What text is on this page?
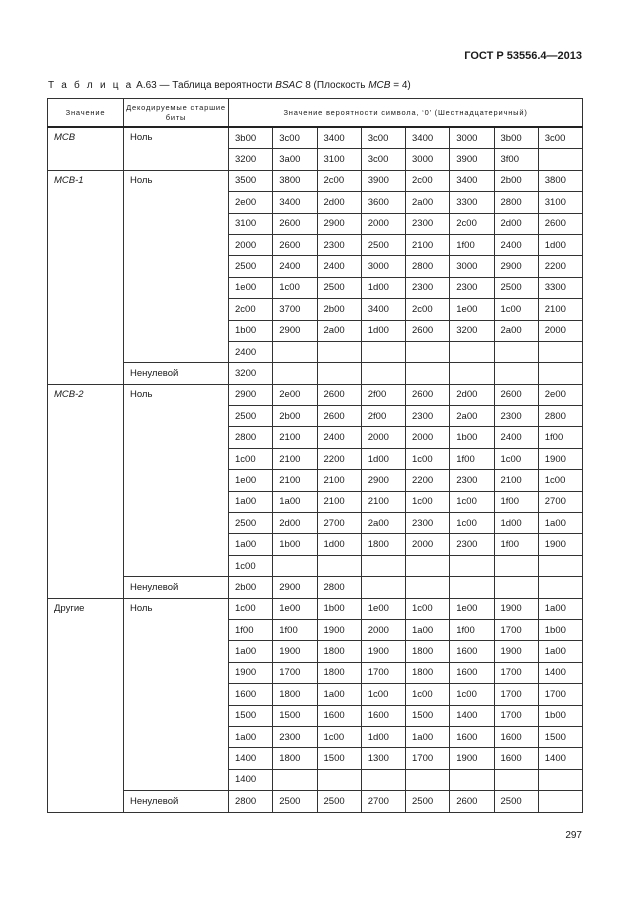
ГОСТ Р 53556.4—2013
Т а б л и ц а А.63 — Таблица вероятности BSAC 8 (Плоскость MCB = 4)
Значение	Декодируемые старшие биты	Значение вероятности символа, ‘0’ (Шестнадцатеричный)							
MCB	Ноль	3b00	3c00	3400	3c00	3400	3000	3b00	3c00
		3200	3a00	3100	3c00	3000	3900	3f00	
MCB-1	Ноль	3500	3800	2c00	3900	2c00	3400	2b00	3800
		2e00	3400	2d00	3600	2a00	3300	2800	3100
		3100	2600	2900	2000	2300	2c00	2d00	2600
		2000	2600	2300	2500	2100	1f00	2400	1d00
		2500	2400	2400	3000	2800	3000	2900	2200
		1e00	1c00	2500	1d00	2300	2300	2500	3300
		2c00	3700	2b00	3400	2c00	1e00	1c00	2100
		1b00	2900	2a00	1d00	2600	3200	2a00	2000
		2400							
	Ненулевой	3200							
MCB-2	Ноль	2900	2e00	2600	2f00	2600	2d00	2600	2e00
		2500	2b00	2600	2f00	2300	2a00	2300	2800
		2800	2100	2400	2000	2000	1b00	2400	1f00
		1c00	2100	2200	1d00	1c00	1f00	1c00	1900
		1e00	2100	2100	2900	2200	2300	2100	1c00
		1a00	1a00	2100	2100	1c00	1c00	1f00	2700
		2500	2d00	2700	2a00	2300	1c00	1d00	1a00
		1a00	1b00	1d00	1800	2000	2300	1f00	1900
		1c00							
	Ненулевой	2b00	2900	2800					
Другие	Ноль	1c00	1e00	1b00	1e00	1c00	1e00	1900	1a00
		1f00	1f00	1900	2000	1a00	1f00	1700	1b00
		1a00	1900	1800	1900	1800	1600	1900	1a00
		1900	1700	1800	1700	1800	1600	1700	1400
		1600	1800	1a00	1c00	1c00	1c00	1700	1700
		1500	1500	1600	1600	1500	1400	1700	1b00
		1a00	2300	1c00	1d00	1a00	1600	1600	1500
		1400	1800	1500	1300	1700	1900	1600	1400
		1400							
	Ненулевой	2800	2500	2500	2700	2500	2600	2500	
297
